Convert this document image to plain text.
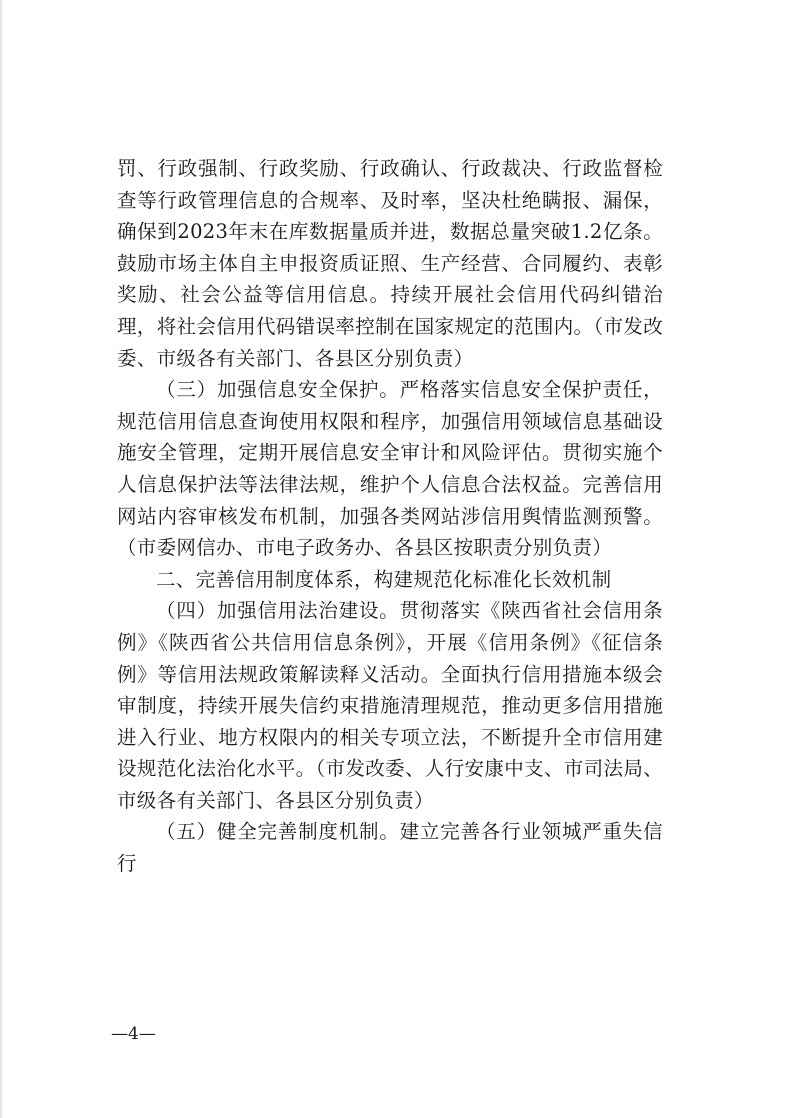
罚、行政强制、行政奖励、行政确认、行政裁决、行政监督检查等行政管理信息的合规率、及时率，坚决杜绝瞒报、漏保，确保到2023年末在库数据量质并进，数据总量突破1.2亿条。鼓励市场主体自主申报资质证照、生产经营、合同履约、表彰奖励、社会公益等信用信息。持续开展社会信用代码纠错治理，将社会信用代码错误率控制在国家规定的范围内。（市发改委、市级各有关部门、各县区分别负责）

（三）加强信息安全保护。严格落实信息安全保护责任，规范信用信息查询使用权限和程序，加强信用领域信息基础设施安全管理，定期开展信息安全审计和风险评估。贯彻实施个人信息保护法等法律法规，维护个人信息合法权益。完善信用网站内容审核发布机制，加强各类网站涉信用舆情监测预警。（市委网信办、市电子政务办、各县区按职责分别负责）

二、完善信用制度体系，构建规范化标准化长效机制

（四）加强信用法治建设。贯彻落实《陕西省社会信用条例》《陕西省公共信用信息条例》，开展《信用条例》《征信条例》等信用法规政策解读释义活动。全面执行信用措施本级会审制度，持续开展失信约束措施清理规范，推动更多信用措施进入行业、地方权限内的相关专项立法，不断提升全市信用建设规范化法治化水平。（市发改委、人行安康中支、市司法局、市级各有关部门、各县区分别负责）

（五）健全完善制度机制。建立完善各行业领城严重失信行

—4—
